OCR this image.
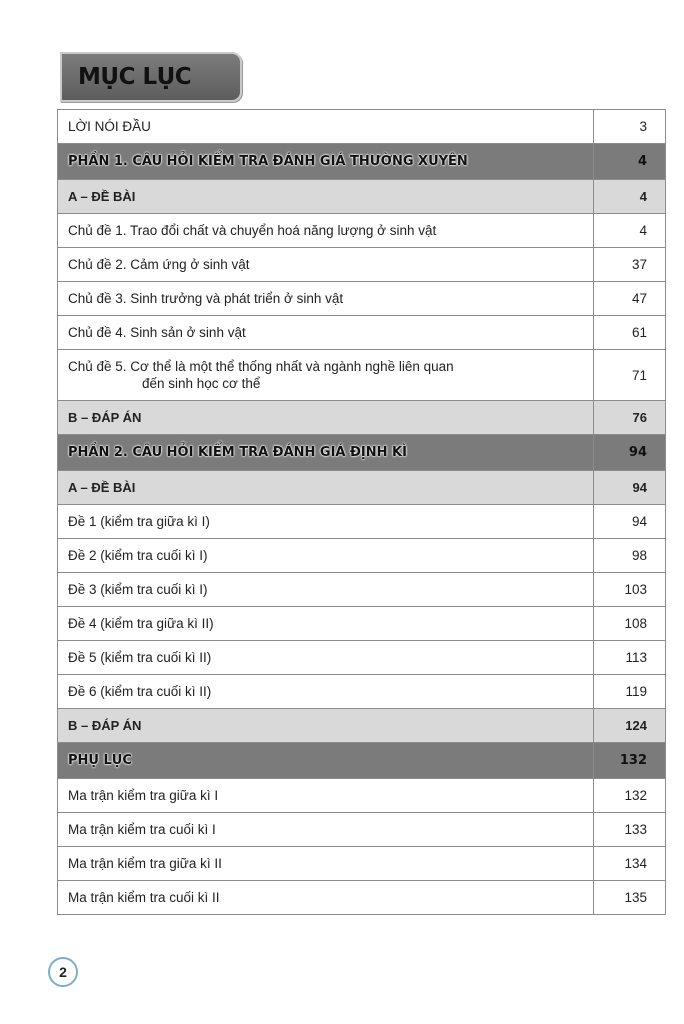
MỤC LỤC
LỜI NÓI ĐẦU	3
PHẦN 1. CÂU HỎI KIỂM TRA ĐÁNH GIÁ THƯỜNG XUYÊN	4
A – ĐỀ BÀI	4
Chủ đề 1. Trao đổi chất và chuyển hoá năng lượng ở sinh vật	4
Chủ đề 2. Cảm ứng ở sinh vật	37
Chủ đề 3. Sinh trưởng và phát triển ở sinh vật	47
Chủ đề 4. Sinh sản ở sinh vật	61
Chủ đề 5. Cơ thể là một thể thống nhất và ngành nghề liên quan
đến sinh học cơ thể	71
B – ĐÁP ÁN	76
PHẦN 2. CÂU HỎI KIỂM TRA ĐÁNH GIÁ ĐỊNH KÌ	94
A – ĐỀ BÀI	94
Đề 1 (kiểm tra giữa kì I)	94
Đề 2 (kiểm tra cuối kì I)	98
Đề 3 (kiểm tra cuối kì I)	103
Đề 4 (kiểm tra giữa kì II)	108
Đề 5 (kiểm tra cuối kì II)	113
Đề 6 (kiểm tra cuối kì II)	119
B – ĐÁP ÁN	124
PHỤ LỤC	132
Ma trận kiểm tra giữa kì I	132
Ma trận kiểm tra cuối kì I	133
Ma trận kiểm tra giữa kì II	134
Ma trận kiểm tra cuối kì II	135
2
